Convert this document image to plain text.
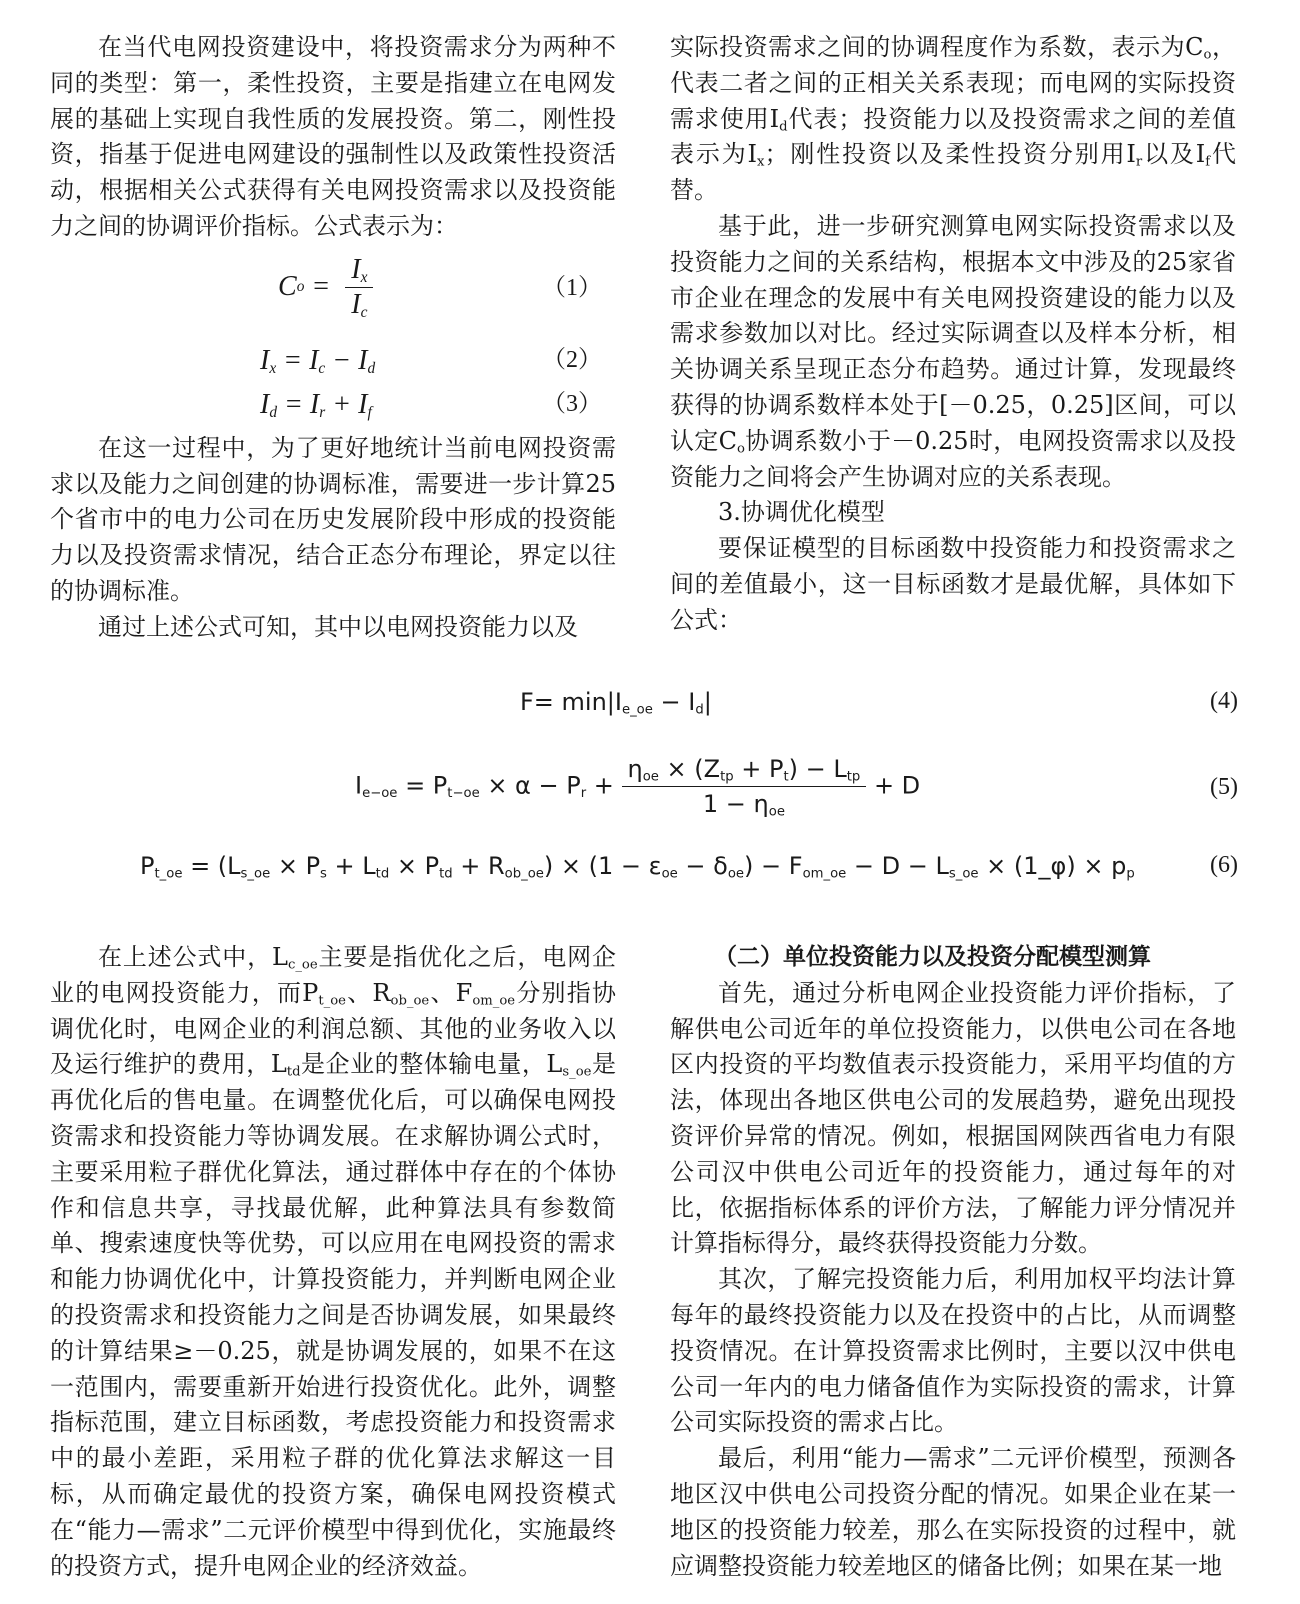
在当代电网投资建设中，将投资需求分为两种不同的类型：第一，柔性投资，主要是指建立在电网发展的基础上实现自我性质的发展投资。第二，刚性投资，指基于促进电网建设的强制性以及政策性投资活动，根据相关公式获得有关电网投资需求以及投资能力之间的协调评价指标。公式表示为：

C o =
$I_x$
$I_c$
（1）
$I_x = I_c - I_d$	（2）
$I_d = I_r + I_f$	（3）

在这一过程中，为了更好地统计当前电网投资需求以及能力之间创建的协调标准，需要进一步计算25个省市中的电力公司在历史发展阶段中形成的投资能力以及投资需求情况，结合正态分布理论，界定以往的协调标准。

通过上述公式可知，其中以电网投资能力以及

实际投资需求之间的协调程度作为系数，表示为$C_o$，代表二者之间的正相关关系表现；而电网的实际投资需求使用$I_d$代表；投资能力以及投资需求之间的差值表示为$I_x$；刚性投资以及柔性投资分别用$I_r$以及$I_f$代替。

基于此，进一步研究测算电网实际投资需求以及投资能力之间的关系结构，根据本文中涉及的25家省市企业在理念的发展中有关电网投资建设的能力以及需求参数加以对比。经过实际调查以及样本分析，相关协调关系呈现正态分布趋势。通过计算，发现最终获得的协调系数样本处于[－0.25，0.25]区间，可以认定$C_o$协调系数小于－0.25时，电网投资需求以及投资能力之间将会产生协调对应的关系表现。

3.协调优化模型

要保证模型的目标函数中投资能力和投资需求之间的差值最小，这一目标函数才是最优解，具体如下公式：

$F= \min|I_{e\_oe} - I_d|$	(4)
$I_{e-oe} = P_{t-oe} \times \alpha - P_r$ +
$\eta_{oe} \times (Z_{tp} + P_t) - L_{tp}$
$1 - \eta_{oe}$
+ D	(5)
$P_{t\_oe} = (L_{s\_oe} \times P_s + L_{td} \times P_{td} + R_{ob\_oe}) \times (1 - \varepsilon_{oe} - \delta_{oe}) - F_{om\_oe} - D - L_{s\_oe}$ × (1_φ) × $p_p$	(6)

在上述公式中，$L_{c\_oe}$主要是指优化之后，电网企业的电网投资能力，而$P_{t\_oe}$、$R_{ob\_oe}$、$F_{om\_oe}$分别指协调优化时，电网企业的利润总额、其他的业务收入以及运行维护的费用，$L_{td}$是企业的整体输电量，$L_{s\_oe}$是再优化后的售电量。在调整优化后，可以确保电网投资需求和投资能力等协调发展。在求解协调公式时，主要采用粒子群优化算法，通过群体中存在的个体协作和信息共享，寻找最优解，此种算法具有参数简单、搜索速度快等优势，可以应用在电网投资的需求和能力协调优化中，计算投资能力，并判断电网企业的投资需求和投资能力之间是否协调发展，如果最终的计算结果≥－0.25，就是协调发展的，如果不在这一范围内，需要重新开始进行投资优化。此外，调整指标范围，建立目标函数，考虑投资能力和投资需求中的最小差距，采用粒子群的优化算法求解这一目标，从而确定最优的投资方案，确保电网投资模式在“能力—需求”二元评价模型中得到优化，实施最终的投资方式，提升电网企业的经济效益。

（二）单位投资能力以及投资分配模型测算

首先，通过分析电网企业投资能力评价指标，了解供电公司近年的单位投资能力，以供电公司在各地区内投资的平均数值表示投资能力，采用平均值的方法，体现出各地区供电公司的发展趋势，避免出现投资评价异常的情况。例如，根据国网陕西省电力有限公司汉中供电公司近年的投资能力，通过每年的对比，依据指标体系的评价方法，了解能力评分情况并计算指标得分，最终获得投资能力分数。

其次，了解完投资能力后，利用加权平均法计算每年的最终投资能力以及在投资中的占比，从而调整投资情况。在计算投资需求比例时，主要以汉中供电公司一年内的电力储备值作为实际投资的需求，计算公司实际投资的需求占比。

最后，利用“能力—需求”二元评价模型，预测各地区汉中供电公司投资分配的情况。如果企业在某一地区的投资能力较差，那么在实际投资的过程中，就应调整投资能力较差地区的储备比例；如果在某一地
